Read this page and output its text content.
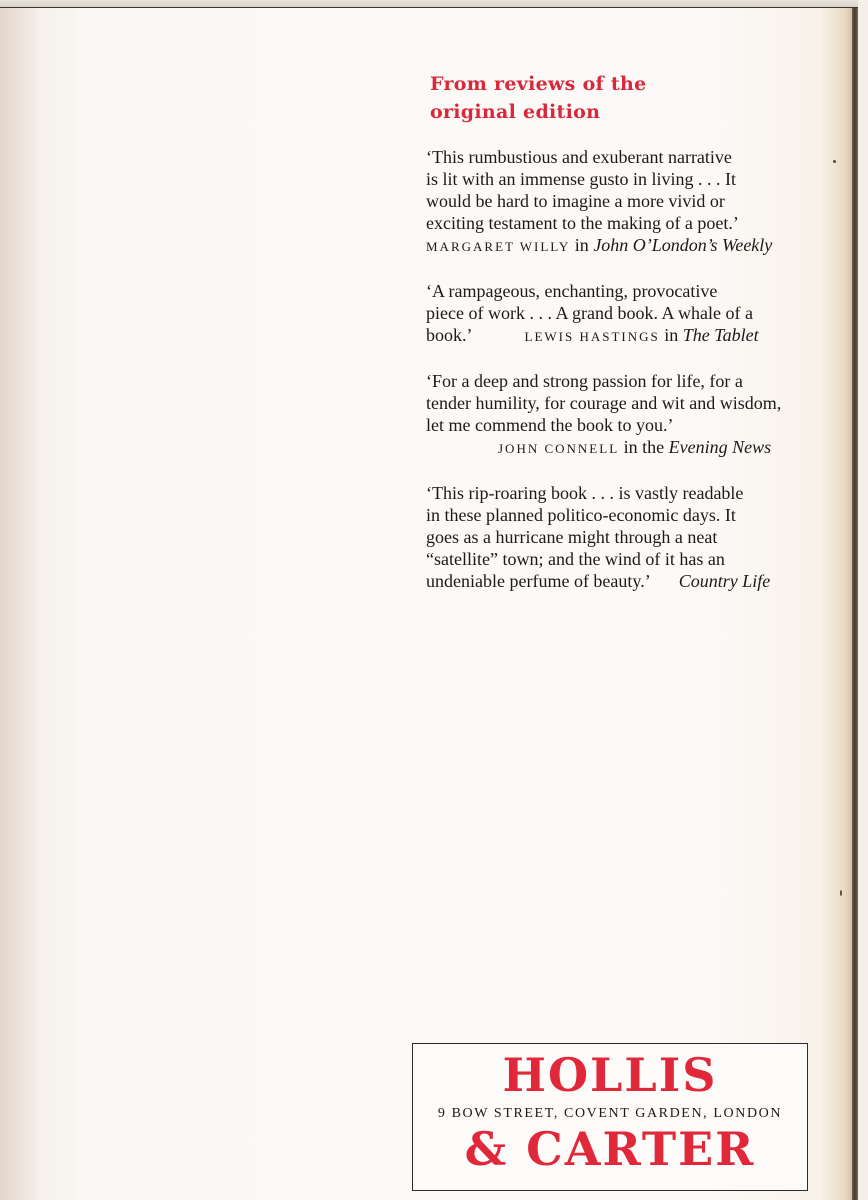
From reviews of the
original edition
‘This rumbustious and exuberant narrative
is lit with an immense gusto in living . . . It
would be hard to imagine a more vivid or
exciting testament to the making of a poet.’
MARGARET WILLY in John O’London’s Weekly
‘A rampageous, enchanting, provocative
piece of work . . . A grand book. A whale of a
book.’	LEWIS HASTINGS in The Tablet
‘For a deep and strong passion for life, for a
tender humility, for courage and wit and wisdom,
let me commend the book to you.’
JOHN CONNELL in the Evening News
‘This rip-roaring book . . . is vastly readable
in these planned politico-economic days. It
goes as a hurricane might through a neat
“satellite” town; and the wind of it has an
undeniable perfume of beauty.’ Country Life
HOLLIS
9 BOW STREET, COVENT GARDEN, LONDON
& CARTER
